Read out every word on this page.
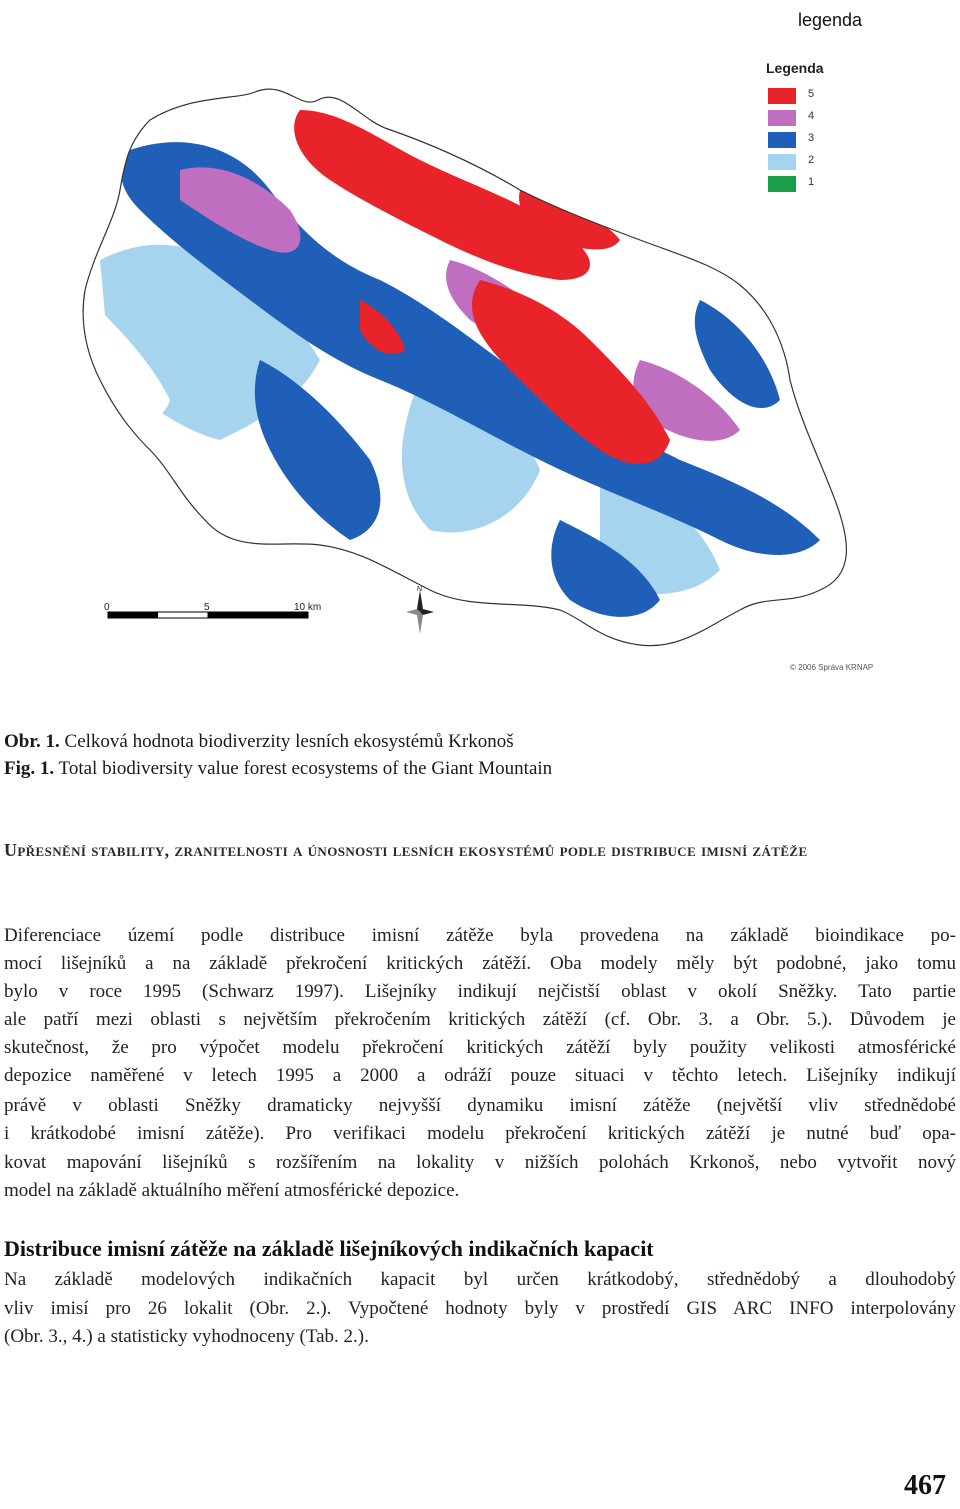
legenda
0	5	10 km
N
Legenda
5
4
3
2
1
© 2006 Správa KRNAP
Obr. 1. Celková hodnota biodiverzity lesních ekosystémů Krkonoš
Fig. 1. Total biodiversity value forest ecosystems of the Giant Mountain
Upřesnění stability, zranitelnosti a únosnosti lesních ekosystémů podle distribuce imisní zátěže
Diferenciace území podle distribuce imisní zátěže byla provedena na základě bioindikace po-
mocí lišejníků a na základě překročení kritických zátěží. Oba modely měly být podobné, jako tomu
bylo v roce 1995 (Schwarz 1997). Lišejníky indikují nejčistší oblast v okolí Sněžky. Tato partie
ale patří mezi oblasti s největším překročením kritických zátěží (cf. Obr. 3. a Obr. 5.). Důvodem je
skutečnost, že pro výpočet modelu překročení kritických zátěží byly použity velikosti atmosférické
depozice naměřené v letech 1995 a 2000 a odráží pouze situaci v těchto letech. Lišejníky indikují
právě v oblasti Sněžky dramaticky nejvyšší dynamiku imisní zátěže (největší vliv střednědobé
i krátkodobé imisní zátěže). Pro verifikaci modelu překročení kritických zátěží je nutné buď opa-
kovat mapování lišejníků s rozšířením na lokality v nižších polohách Krkonoš, nebo vytvořit nový
model na základě aktuálního měření atmosférické depozice.
Distribuce imisní zátěže na základě lišejníkových indikačních kapacit
Na základě modelových indikačních kapacit byl určen krátkodobý, střednědobý a dlouhodobý
vliv imisí pro 26 lokalit (Obr. 2.). Vypočtené hodnoty byly v prostředí GIS ARC INFO interpolovány
(Obr. 3., 4.) a statisticky vyhodnoceny (Tab. 2.).
467
